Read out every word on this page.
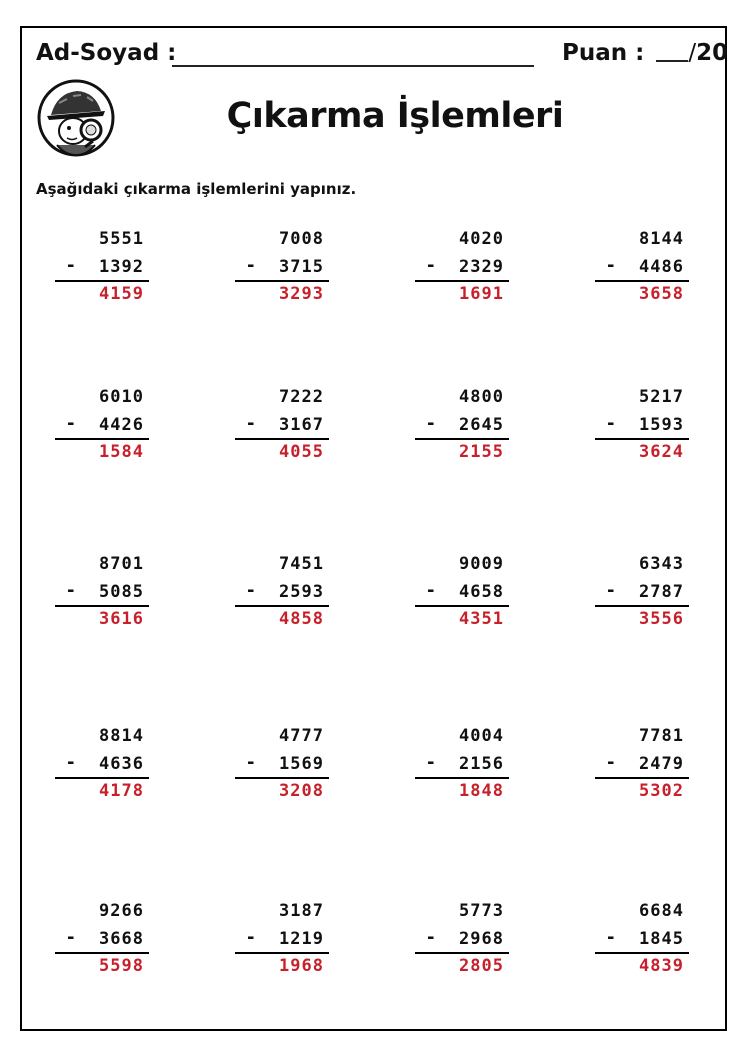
Ad-Soyad :	Puan : /20
Çıkarma İşlemleri
Aşağıdaki çıkarma işlemlerini yapınız.
5551
- 1392
4159
7008
- 3715
3293
4020
- 2329
1691
8144
- 4486
3658
6010
- 4426
1584
7222
- 3167
4055
4800
- 2645
2155
5217
- 1593
3624
8701
- 5085
3616
7451
- 2593
4858
9009
- 4658
4351
6343
- 2787
3556
8814
- 4636
4178
4777
- 1569
3208
4004
- 2156
1848
7781
- 2479
5302
9266
- 3668
5598
3187
- 1219
1968
5773
- 2968
2805
6684
- 1845
4839
